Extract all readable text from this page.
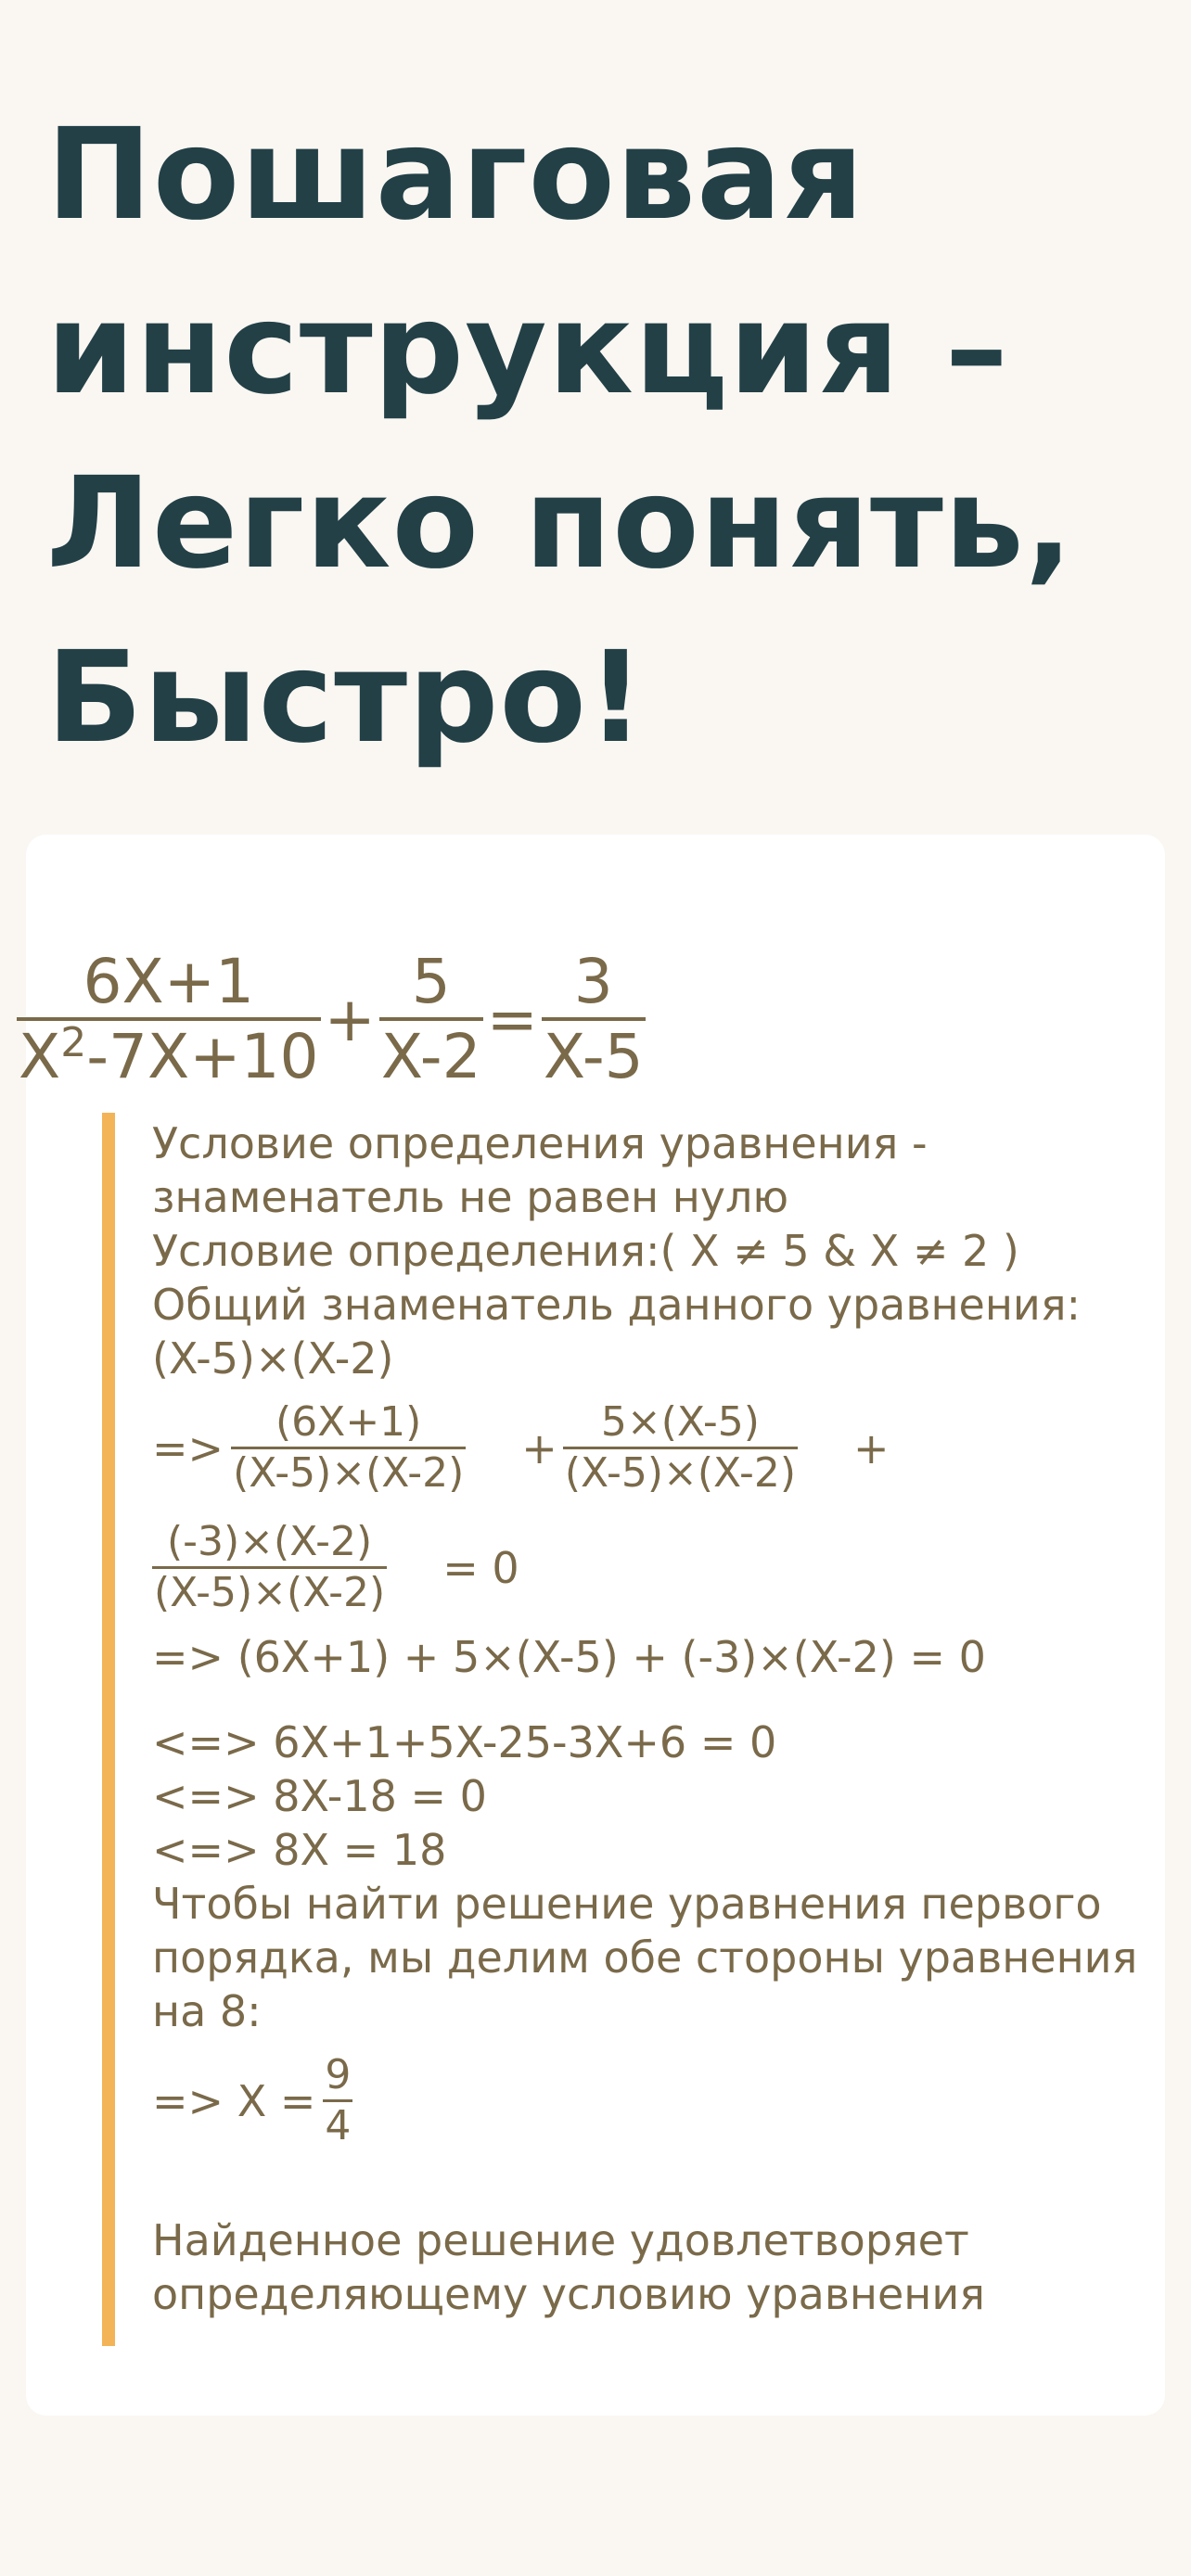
Пошаговая
инструкция –
Легко понять,
Быстро!
$\frac{6X+1}{X^2-7X+10} + \frac{5}{X-2} = \frac{3}{X-5}$
Условие определения уравнения -
знаменатель не равен нулю
Условие определения:( X ≠ 5 & X ≠ 2 )
Общий знаменатель данного уравнения:
(X-5)×(X-2)
=> $\frac{(6X+1)}{(X-5)\times(X-2)} + \frac{5\times(X-5)}{(X-5)\times(X-2)}$ +
$\frac{(-3)\times(X-2)}{(X-5)\times(X-2)} = 0$
=> (6X+1) + 5×(X-5) + (-3)×(X-2) = 0
<=> 6X+1+5X-25-3X+6 = 0
<=> 8X-18 = 0
<=> 8X = 18
Чтобы найти решение уравнения первого
порядка, мы делим обе стороны уравнения
на 8:
=> $X = \frac{9}{4}$
Найденное решение удовлетворяет
определяющему условию уравнения
